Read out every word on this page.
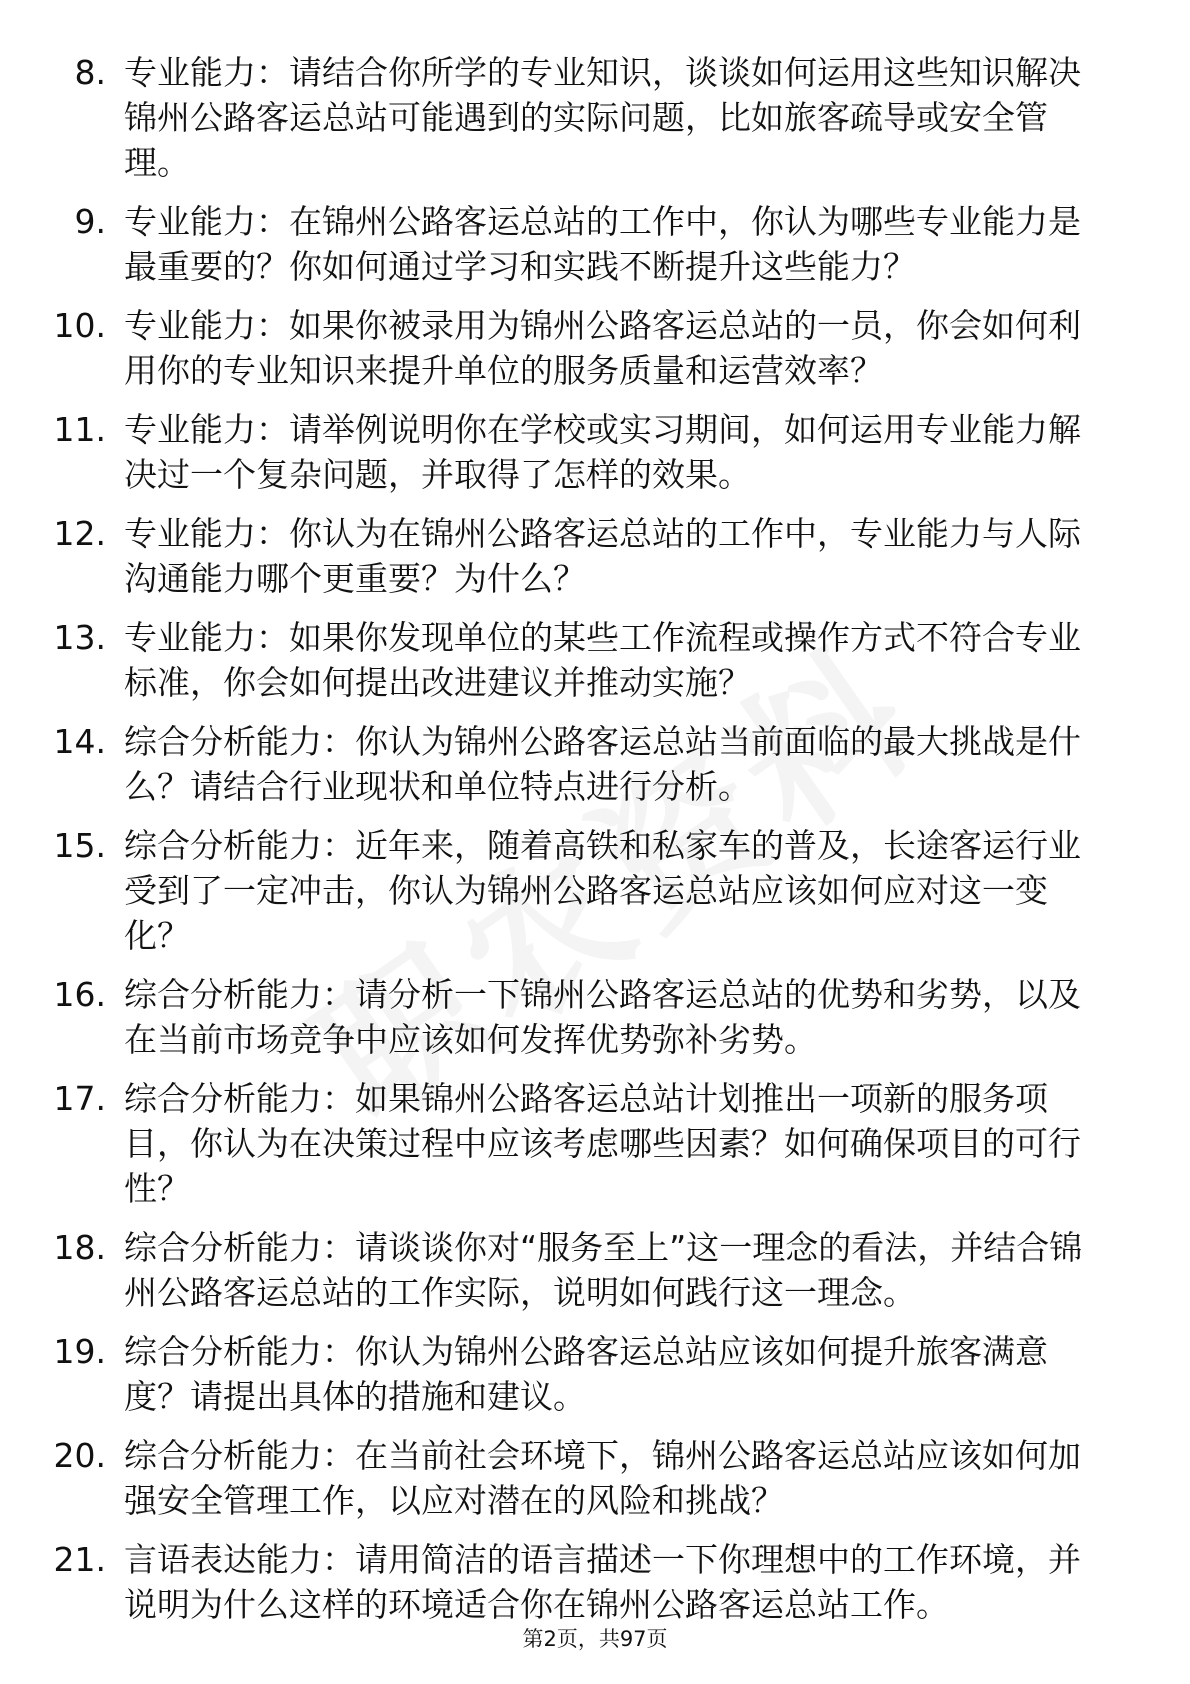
8. 专业能力：请结合你所学的专业知识，谈谈如何运用这些知识解决锦州公路客运总站可能遇到的实际问题，比如旅客疏导或安全管理。
9. 专业能力：在锦州公路客运总站的工作中，你认为哪些专业能力是最重要的？你如何通过学习和实践不断提升这些能力？
10. 专业能力：如果你被录用为锦州公路客运总站的一员，你会如何利用你的专业知识来提升单位的服务质量和运营效率？
11. 专业能力：请举例说明你在学校或实习期间，如何运用专业能力解决过一个复杂问题，并取得了怎样的效果。
12. 专业能力：你认为在锦州公路客运总站的工作中，专业能力与人际沟通能力哪个更重要？为什么？
13. 专业能力：如果你发现单位的某些工作流程或操作方式不符合专业标准，你会如何提出改进建议并推动实施？
14. 综合分析能力：你认为锦州公路客运总站当前面临的最大挑战是什么？请结合行业现状和单位特点进行分析。
15. 综合分析能力：近年来，随着高铁和私家车的普及，长途客运行业受到了一定冲击，你认为锦州公路客运总站应该如何应对这一变化？
16. 综合分析能力：请分析一下锦州公路客运总站的优势和劣势，以及在当前市场竞争中应该如何发挥优势弥补劣势。
17. 综合分析能力：如果锦州公路客运总站计划推出一项新的服务项目，你认为在决策过程中应该考虑哪些因素？如何确保项目的可行性？
18. 综合分析能力：请谈谈你对“服务至上”这一理念的看法，并结合锦州公路客运总站的工作实际，说明如何践行这一理念。
19. 综合分析能力：你认为锦州公路客运总站应该如何提升旅客满意度？请提出具体的措施和建议。
20. 综合分析能力：在当前社会环境下，锦州公路客运总站应该如何加强安全管理工作，以应对潜在的风险和挑战？
21. 言语表达能力：请用简洁的语言描述一下你理想中的工作环境，并说明为什么这样的环境适合你在锦州公路客运总站工作。
第2页，共97页
